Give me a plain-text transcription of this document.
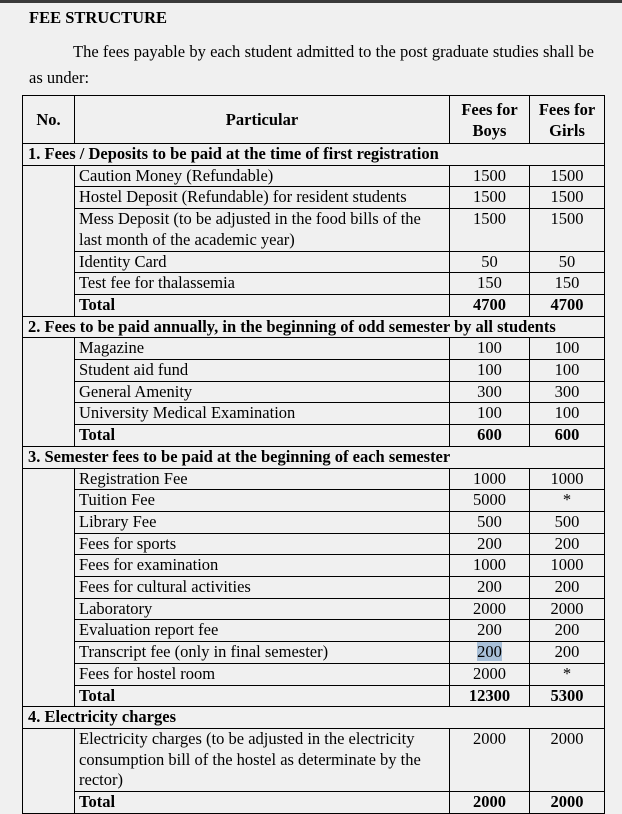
FEE STRUCTURE
The fees payable by each student admitted to the post graduate studies shall be as under:
No.	Particular	Fees for Boys	Fees for Girls
1. Fees / Deposits to be paid at the time of first registration			
	Caution Money (Refundable)	1500	1500
	Hostel Deposit (Refundable) for resident students	1500	1500
	Mess Deposit (to be adjusted in the food bills of the last month of the academic year)	1500	1500
	Identity Card	50	50
	Test fee for thalassemia	150	150
	Total	4700	4700
2. Fees to be paid annually, in the beginning of odd semester by all students			
	Magazine	100	100
	Student aid fund	100	100
	General Amenity	300	300
	University Medical Examination	100	100
	Total	600	600
3. Semester fees to be paid at the beginning of each semester			
	Registration Fee	1000	1000
	Tuition Fee	5000	*
	Library Fee	500	500
	Fees for sports	200	200
	Fees for examination	1000	1000
	Fees for cultural activities	200	200
	Laboratory	2000	2000
	Evaluation report fee	200	200
	Transcript fee (only in final semester)	200	200
	Fees for hostel room	2000	*
	Total	12300	5300
4. Electricity charges			
	Electricity charges (to be adjusted in the electricity consumption bill of the hostel as determinate by the rector)	2000	2000
	Total	2000	2000
